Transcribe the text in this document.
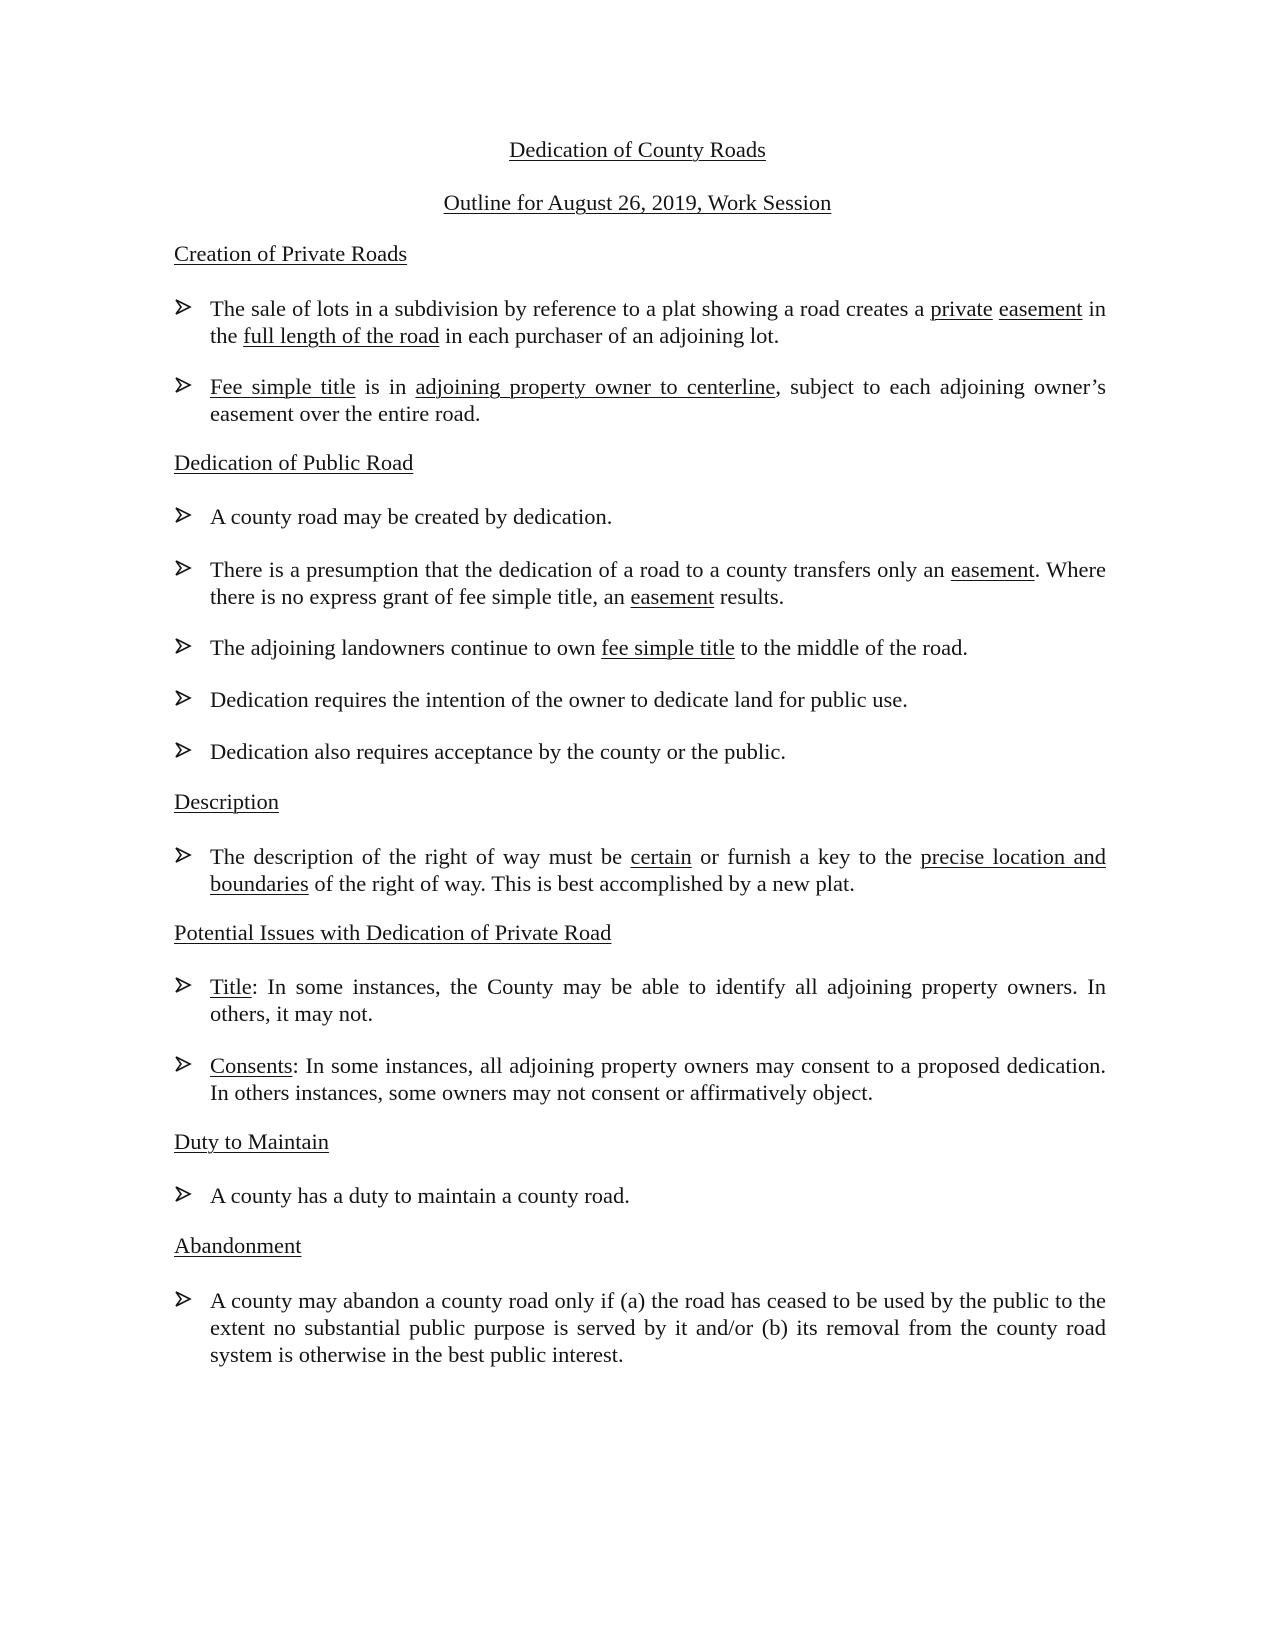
Dedication of County Roads
Outline for August 26, 2019, Work Session
Creation of Private Roads
The sale of lots in a subdivision by reference to a plat showing a road creates a private easement in the full length of the road in each purchaser of an adjoining lot.
Fee simple title is in adjoining property owner to centerline, subject to each adjoining owner’s easement over the entire road.
Dedication of Public Road
A county road may be created by dedication.
There is a presumption that the dedication of a road to a county transfers only an easement. Where there is no express grant of fee simple title, an easement results.
The adjoining landowners continue to own fee simple title to the middle of the road.
Dedication requires the intention of the owner to dedicate land for public use.
Dedication also requires acceptance by the county or the public.
Description
The description of the right of way must be certain or furnish a key to the precise location and boundaries of the right of way. This is best accomplished by a new plat.
Potential Issues with Dedication of Private Road
Title: In some instances, the County may be able to identify all adjoining property owners. In others, it may not.
Consents: In some instances, all adjoining property owners may consent to a proposed dedication. In others instances, some owners may not consent or affirmatively object.
Duty to Maintain
A county has a duty to maintain a county road.
Abandonment
A county may abandon a county road only if (a) the road has ceased to be used by the public to the extent no substantial public purpose is served by it and/or (b) its removal from the county road system is otherwise in the best public interest.
